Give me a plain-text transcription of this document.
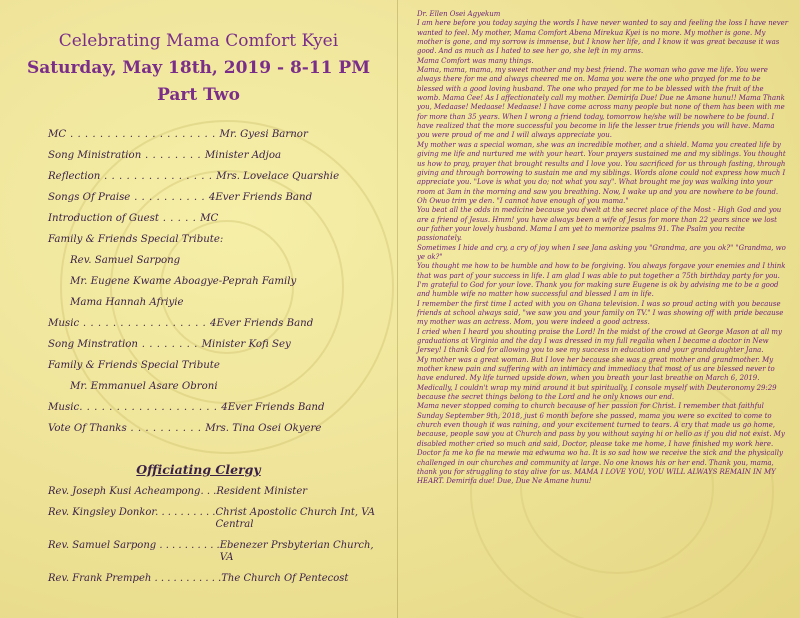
Celebrating Mama Comfort Kyei

Saturday, May 18th, 2019 - 8-11 PM

Part Two

MC . . . . . . . . . . . . . . . . . . . . Mr. Gyesi Barnor
Song Ministration . . . . . . . . Minister Adjoa
Reflection . . . . . . . . . . . . . . . Mrs. Lovelace Quarshie
Songs Of Praise . . . . . . . . . . 4Ever Friends Band
Introduction of Guest . . . . . MC
Family & Friends Special Tribute:
Rev. Samuel Sarpong
Mr. Eugene Kwame Aboagye-Peprah Family
Mama Hannah Afriyie
Music . . . . . . . . . . . . . . . . . 4Ever Friends Band
Song Minstration . . . . . . . . Minister Kofi Sey
Family & Friends Special Tribute
Mr. Emmanuel Asare Obroni
Music. . . . . . . . . . . . . . . . . . . 4Ever Friends Band
Vote Of Thanks . . . . . . . . . . Mrs. Tina Osei Okyere
Officiating Clergy
Rev. Joseph Kusi Acheampong. . . Resident Minister
Rev. Kingsley Donkor. . . . . . . . . . Christ Apostolic Church Int, VA Central
Rev. Samuel Sarpong . . . . . . . . . . Ebenezer Prsbyterian Church, VA
Rev. Frank Prempeh . . . . . . . . . . . The Church Of Pentecost

Dr. Ellen Osei Agyekum

I am here before you today saying the words I have never wanted to say and feeling the loss I have never wanted to feel. My mother, Mama Comfort Abena Mirekua Kyei is no more. My mother is gone. My mother is gone, and my sorrow is immense, but I know her life, and I know it was great because it was good. And as much as I hated to see her go, she left in my arms.

Mama Comfort was many things.

Mama, mama, mama, my sweet mother and my best friend. The woman who gave me life. You were always there for me and always cheered me on. Mama you were the one who prayed for me to be blessed with a good loving husband. The one who prayed for me to be blessed with the fruit of the womb. Mama Cee! As I affectionately call my mother. Demirifa Due! Due ne Amane hunu!! Mama Thank you, Medaase! Medaase! Medaase! I have come across many people but none of them has been with me for more than 35 years. When I wrong a friend today, tomorrow he/she will be nowhere to be found. I have realized that the more successful you become in life the lesser true friends you will have. Mama you were proud of me and I will always appreciate you.

My mother was a special woman, she was an incredible mother, and a shield. Mama you created life by giving me life and nurtured me with your heart. Your prayers sustained me and my siblings. You thought us how to pray, prayer that brought results and I love you. You sacrificed for us through fasting, through giving and through borrowing to sustain me and my siblings. Words alone could not express how much I appreciate you. "Love is what you do; not what you say". What brought me joy was walking into your room at 3am in the morning and saw you breathing. Now, I wake up and you are nowhere to be found. Oh Owuo trim ye den. "I cannot have enough of you mama."

You beat all the odds in medicine because you dwelt at the secret place of the Most - High God and you are a friend of Jesus. Hmm! you have always been a wife of Jesus for more than 22 years since we lost our father your lovely husband. Mama I am yet to memorize psalms 91. The Psalm you recite passionately.

Sometimes I hide and cry, a cry of joy when I see Jana asking you "Grandma, are you ok?" "Grandma, wo ye ok?"

You thought me how to be humble and how to be forgiving. You always forgave your enemies and I think that was part of your success in life. I am glad I was able to put together a 75th birthday party for you. I'm grateful to God for your love. Thank you for making sure Eugene is ok by advising me to be a good and humble wife no matter how successful and blessed I am in life.

I remember the first time I acted with you on Ghana television. I was so proud acting with you because friends at school always said, "we saw you and your family on TV." I was showing off with pride because my mother was an actress. Mom, you were indeed a good actress.

I cried when I heard you shouting praise the Lord! In the midst of the crowd at George Mason at all my graduations at Virginia and the day I was dressed in my full regalia when I became a doctor in New Jersey! I thank God for allowing you to see my success in education and your granddaughter Jana.

My mother was a great woman. But I love her because she was a great mother and grandmother. My mother knew pain and suffering with an intimacy and immediacy that most of us are blessed never to have endured. My life turned upside down, when you breath your last breathe on March 6, 2019. Medically, I couldn't wrap my mind around it but spiritually, I console myself with Deuteronomy 29:29 because the secret things belong to the Lord and he only knows our end.

Mama never stopped coming to church because of her passion for Christ. I remember that faithful Sunday September 9th, 2018, just 6 month before she passed, mama you were so excited to come to church even though it was raining, and your excitement turned to tears. A cry that made us go home, because, people saw you at Church and pass by you without saying hi or hello as if you did not exist. My disabled mother cried so much and said, Doctor, please take me home, I have finished my work here. Doctor fa me ko fie na mewie ma edwuma wo ha. It is so sad how we receive the sick and the physically challenged in our churches and community at large. No one knows his or her end. Thank you, mama, thank you for struggling to stay alive for us. MAMA I LOVE YOU, YOU WILL ALWAYS REMAIN IN MY HEART. Demirifa due! Due, Due Ne Amane hunu!
